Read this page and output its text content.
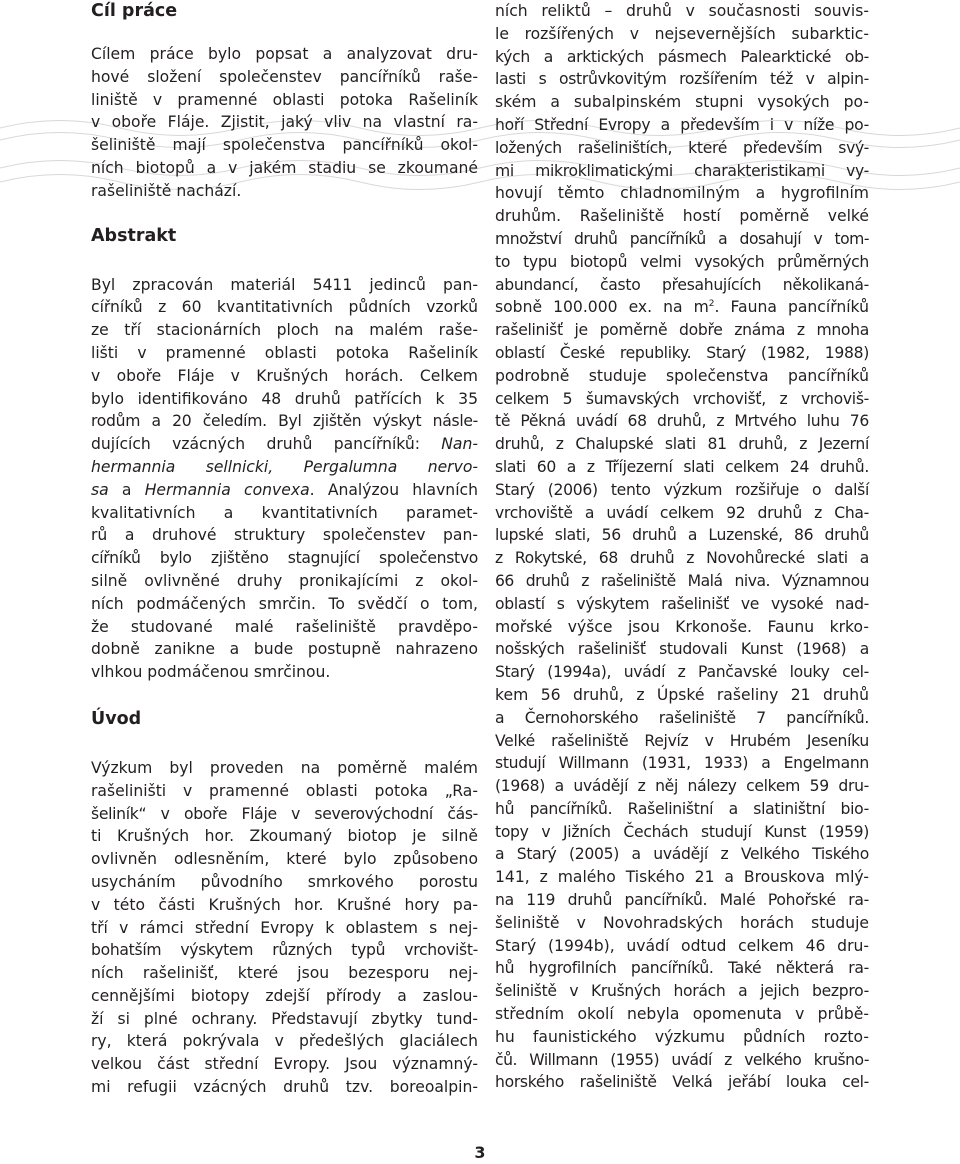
Cíl práce

Cílem práce bylo popsat a analyzovat dru-
hové složení společenstev pancířníků raše-
liniště v pramenné oblasti potoka Rašeliník
v oboře Fláje. Zjistit, jaký vliv na vlastní ra-
šeliniště mají společenstva pancířníků okol-
ních biotopů a v jakém stadiu se zkoumané
rašeliniště nachází.

Abstrakt

Byl zpracován materiál 5411 jedinců pan-
cířníků z 60 kvantitativních půdních vzorků
ze tří stacionárních ploch na malém raše-
lišti v pramenné oblasti potoka Rašeliník
v oboře Fláje v Krušných horách. Celkem
bylo identifikováno 48 druhů patřících k 35
rodům a 20 čeledím. Byl zjištěn výskyt násle-
dujících vzácných druhů pancířníků: Nan-
hermannia sellnicki, Pergalumna nervo-
sa a Hermannia convexa. Analýzou hlavních
kvalitativních a kvantitativních paramet-
rů a druhové struktury společenstev pan-
cířníků bylo zjištěno stagnující společenstvo
silně ovlivněné druhy pronikajícími z okol-
ních podmáčených smrčin. To svědčí o tom,
že studované malé rašeliniště pravděpo-
dobně zanikne a bude postupně nahrazeno
vlhkou podmáčenou smrčinou.

Úvod

Výzkum byl proveden na poměrně malém
rašeliništi v pramenné oblasti potoka „Ra-
šeliník“ v oboře Fláje v severovýchodní čás-
ti Krušných hor. Zkoumaný biotop je silně
ovlivněn odlesněním, které bylo způsobeno
usycháním původního smrkového porostu
v této části Krušných hor. Krušné hory pa-
tří v rámci střední Evropy k oblastem s nej-
bohatším výskytem různých typů vrchovišt-
ních rašelinišť, které jsou bezesporu nej-
cennějšími biotopy zdejší přírody a zaslou-
ží si plné ochrany. Představují zbytky tund-
ry, která pokrývala v předešlých glaciálech
velkou část střední Evropy. Jsou významný-
mi refugii vzácných druhů tzv. boreoalpin-

ních reliktů – druhů v současnosti souvis-
le rozšířených v nejsevernějších subarktic-
kých a arktických pásmech Palearktické ob-
lasti s ostrůvkovitým rozšířením též v alpin-
ském a subalpinském stupni vysokých po-
hoří Střední Evropy a především i v níže po-
ložených rašeliništích, které především svý-
mi mikroklimatickými charakteristikami vy-
hovují těmto chladnomilným a hygrofilním
druhům. Rašeliniště hostí poměrně velké
množství druhů pancířníků a dosahují v tom-
to typu biotopů velmi vysokých průměrných
abundancí, často přesahujících několikaná-
sobně 100.000 ex. na $m^2$. Fauna pancířníků
rašelinišť je poměrně dobře známa z mnoha
oblastí České republiky. Starý (1982, 1988)
podrobně studuje společenstva pancířníků
celkem 5 šumavských vrchovišť, z vrchoviš-
tě Pěkná uvádí 68 druhů, z Mrtvého luhu 76
druhů, z Chalupské slati 81 druhů, z Jezerní
slati 60 a z Tříjezerní slati celkem 24 druhů.
Starý (2006) tento výzkum rozšiřuje o další
vrchoviště a uvádí celkem 92 druhů z Cha-
lupské slati, 56 druhů a Luzenské, 86 druhů
z Rokytské, 68 druhů z Novohůrecké slati a
66 druhů z rašeliniště Malá niva. Významnou
oblastí s výskytem rašelinišť ve vysoké nad-
mořské výšce jsou Krkonoše. Faunu krko-
nošských rašelinišť studovali Kunst (1968) a
Starý (1994a), uvádí z Pančavské louky cel-
kem 56 druhů, z Úpské rašeliny 21 druhů
a Černohorského rašeliniště 7 pancířníků.
Velké rašeliniště Rejvíz v Hrubém Jeseníku
studují Willmann (1931, 1933) a Engelmann
(1968) a uvádějí z něj nálezy celkem 59 dru-
hů pancířníků. Rašeliništní a slatiništní bio-
topy v Jižních Čechách studují Kunst (1959)
a Starý (2005) a uvádějí z Velkého Tiského
141, z malého Tiského 21 a Brouskova mlý-
na 119 druhů pancířníků. Malé Pohořské ra-
šeliniště v Novohradských horách studuje
Starý (1994b), uvádí odtud celkem 46 dru-
hů hygrofilních pancířníků. Také některá ra-
šeliniště v Krušných horách a jejich bezpro-
středním okolí nebyla opomenuta v průbě-
hu faunistického výzkumu půdních rozto-
čů. Willmann (1955) uvádí z velkého krušno-
horského rašeliniště Velká jeřábí louka cel-

3
